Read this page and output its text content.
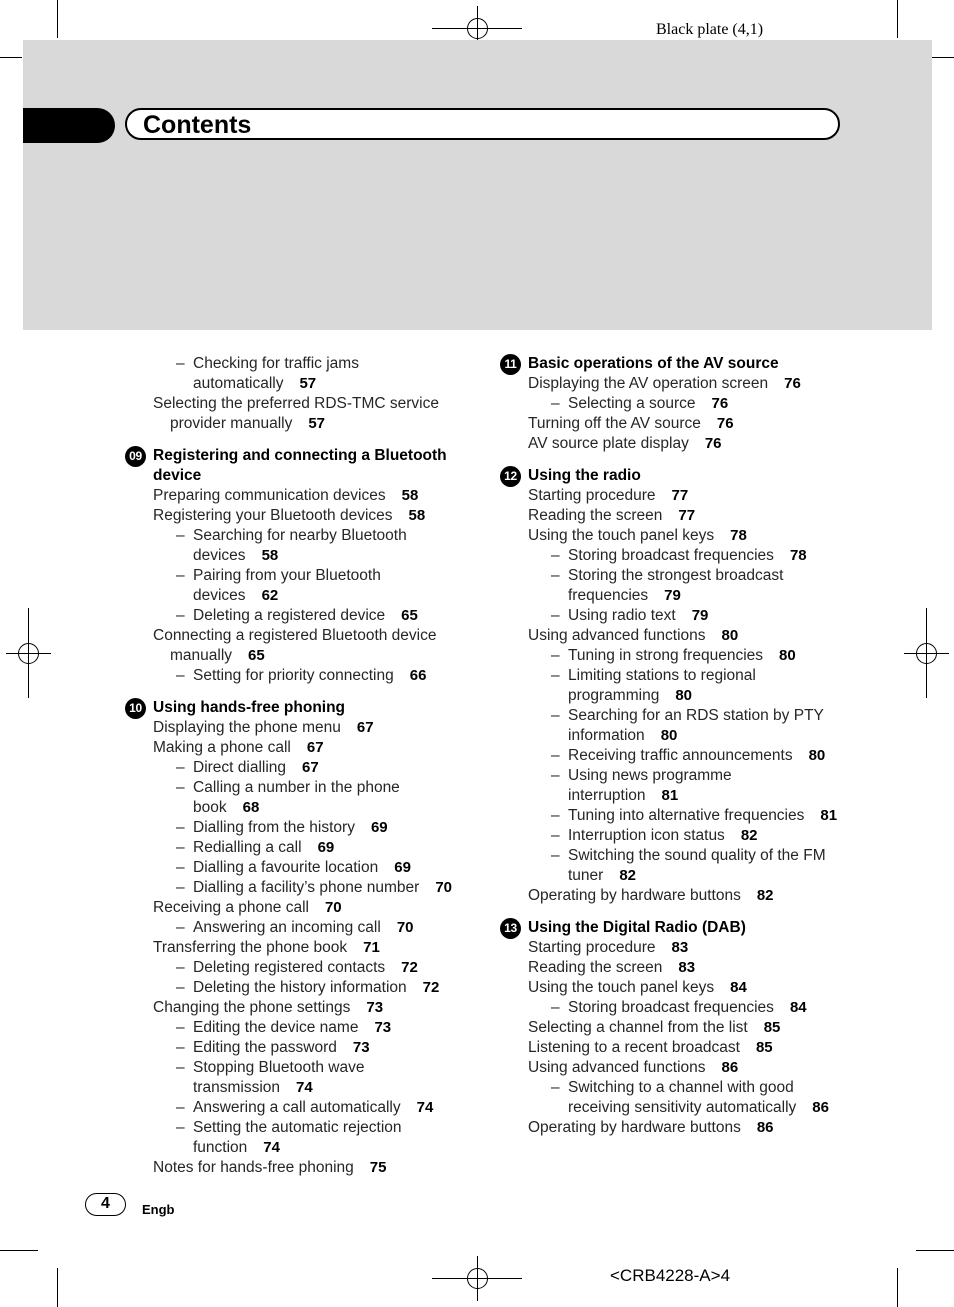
Black plate (4,1)
Contents
– Checking for traffic jams
automatically 57
Selecting the preferred RDS-TMC service
provider manually 57
09 Registering and connecting a Bluetooth
device
Preparing communication devices 58
Registering your Bluetooth devices 58
– Searching for nearby Bluetooth
devices 58
– Pairing from your Bluetooth
devices 62
– Deleting a registered device 65
Connecting a registered Bluetooth device
manually 65
– Setting for priority connecting 66
10 Using hands-free phoning
Displaying the phone menu 67
Making a phone call 67
– Direct dialling 67
– Calling a number in the phone
book 68
– Dialling from the history 69
– Redialling a call 69
– Dialling a favourite location 69
– Dialling a facility’s phone number 70
Receiving a phone call 70
– Answering an incoming call 70
Transferring the phone book 71
– Deleting registered contacts 72
– Deleting the history information 72
Changing the phone settings 73
– Editing the device name 73
– Editing the password 73
– Stopping Bluetooth wave
transmission 74
– Answering a call automatically 74
– Setting the automatic rejection
function 74
Notes for hands-free phoning 75
11 Basic operations of the AV source
Displaying the AV operation screen 76
– Selecting a source 76
Turning off the AV source 76
AV source plate display 76
12 Using the radio
Starting procedure 77
Reading the screen 77
Using the touch panel keys 78
– Storing broadcast frequencies 78
– Storing the strongest broadcast
frequencies 79
– Using radio text 79
Using advanced functions 80
– Tuning in strong frequencies 80
– Limiting stations to regional
programming 80
– Searching for an RDS station by PTY
information 80
– Receiving traffic announcements 80
– Using news programme
interruption 81
– Tuning into alternative frequencies 81
– Interruption icon status 82
– Switching the sound quality of the FM
tuner 82
Operating by hardware buttons 82
13 Using the Digital Radio (DAB)
Starting procedure 83
Reading the screen 83
Using the touch panel keys 84
– Storing broadcast frequencies 84
Selecting a channel from the list 85
Listening to a recent broadcast 85
Using advanced functions 86
– Switching to a channel with good
receiving sensitivity automatically 86
Operating by hardware buttons 86
4	Engb
<CRB4228-A>4
